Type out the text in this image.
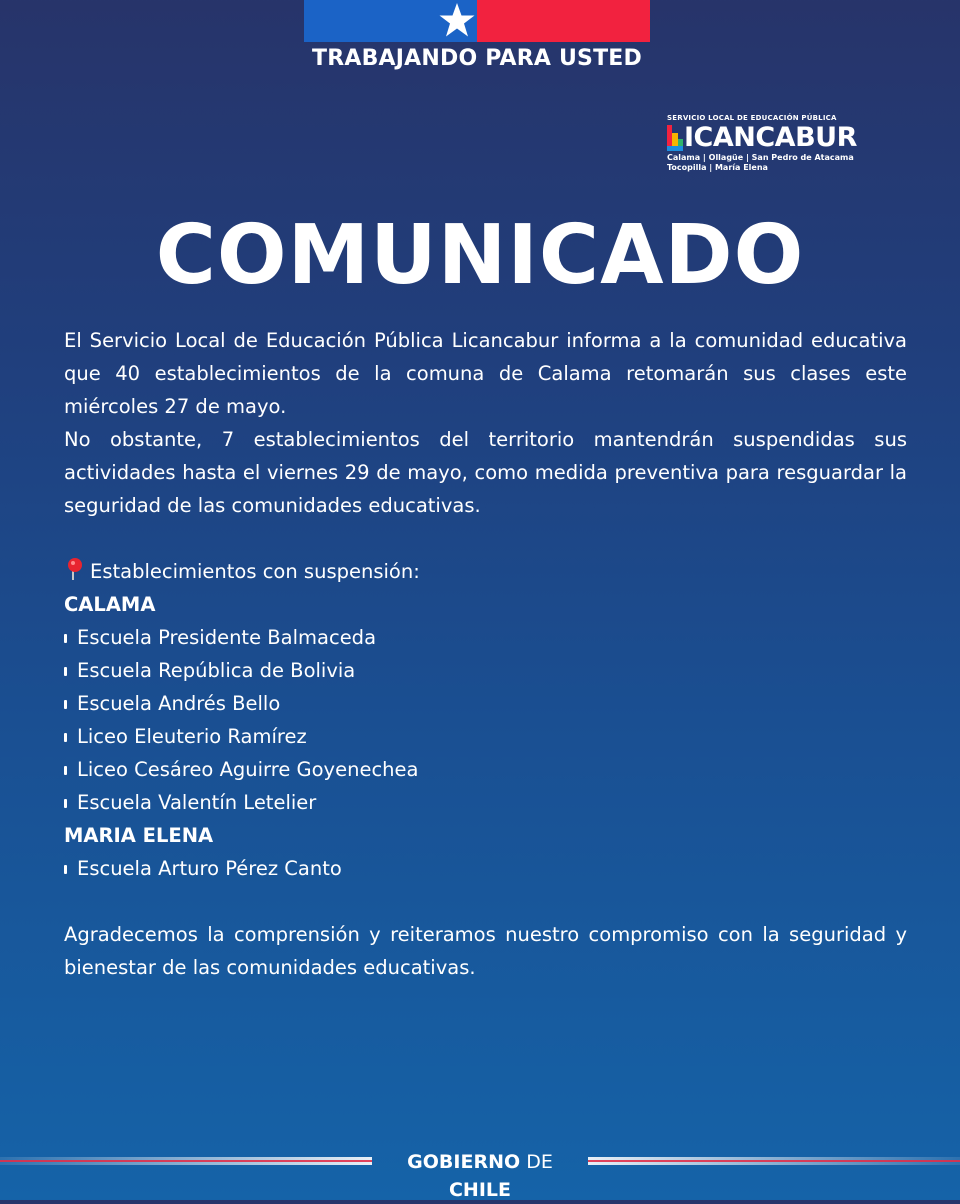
TRABAJANDO PARA USTED
SERVICIO LOCAL DE EDUCACIÓN PÚBLICA
ICANCABUR
Calama | Ollagüe | San Pedro de Atacama
Tocopilla | María Elena
COMUNICADO

El Servicio Local de Educación Pública Licancabur informa a la comunidad educativa que 40 establecimientos de la comuna de Calama retomarán sus clases este miércoles 27 de mayo.

No obstante, 7 establecimientos del territorio mantendrán suspendidas sus actividades hasta el viernes 29 de mayo, como medida preventiva para resguardar la seguridad de las comunidades educativas.

Establecimientos con suspensión:
CALAMA
Escuela Presidente Balmaceda
Escuela República de Bolivia
Escuela Andrés Bello
Liceo Eleuterio Ramírez
Liceo Cesáreo Aguirre Goyenechea
Escuela Valentín Letelier
MARIA ELENA
Escuela Arturo Pérez Canto

Agradecemos la comprensión y reiteramos nuestro compromiso con la seguridad y bienestar de las comunidades educativas.

GOBIERNO DE CHILE
